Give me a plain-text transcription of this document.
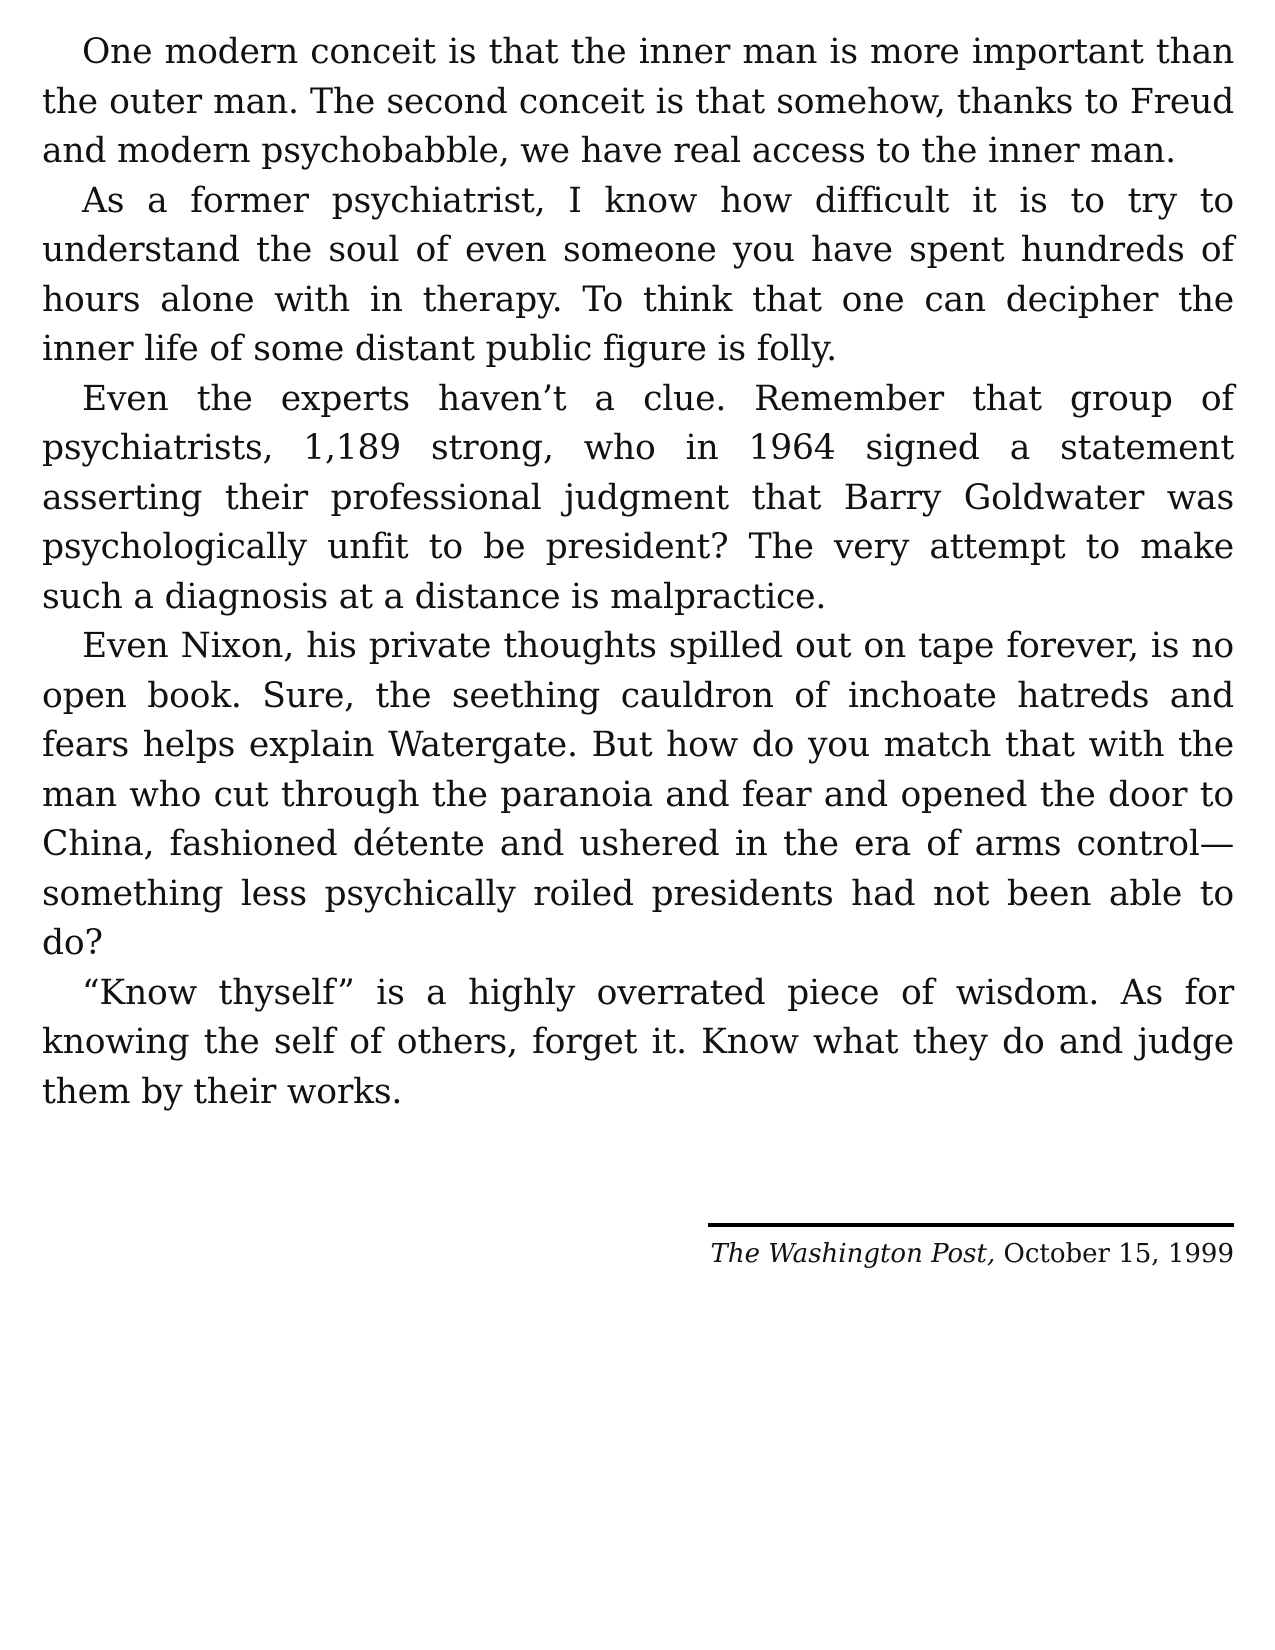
One modern conceit is that the inner man is more important than the outer man. The second conceit is that somehow, thanks to Freud and modern psychobabble, we have real access to the inner man.

As a former psychiatrist, I know how difficult it is to try to understand the soul of even someone you have spent hundreds of hours alone with in therapy. To think that one can decipher the inner life of some distant public figure is folly.

Even the experts haven’t a clue. Remember that group of psychiatrists, 1,189 strong, who in 1964 signed a statement asserting their professional judgment that Barry Goldwater was psychologically unfit to be president? The very attempt to make such a diagnosis at a distance is malpractice.

Even Nixon, his private thoughts spilled out on tape forever, is no open book. Sure, the seething cauldron of inchoate hatreds and fears helps explain Watergate. But how do you match that with the man who cut through the paranoia and fear and opened the door to China, fashioned détente and ushered in the era of arms control—something less psychically roiled presidents had not been able to do?

“Know thyself” is a highly overrated piece of wisdom. As for knowing the self of others, forget it. Know what they do and judge them by their works.

The Washington Post, October 15, 1999
